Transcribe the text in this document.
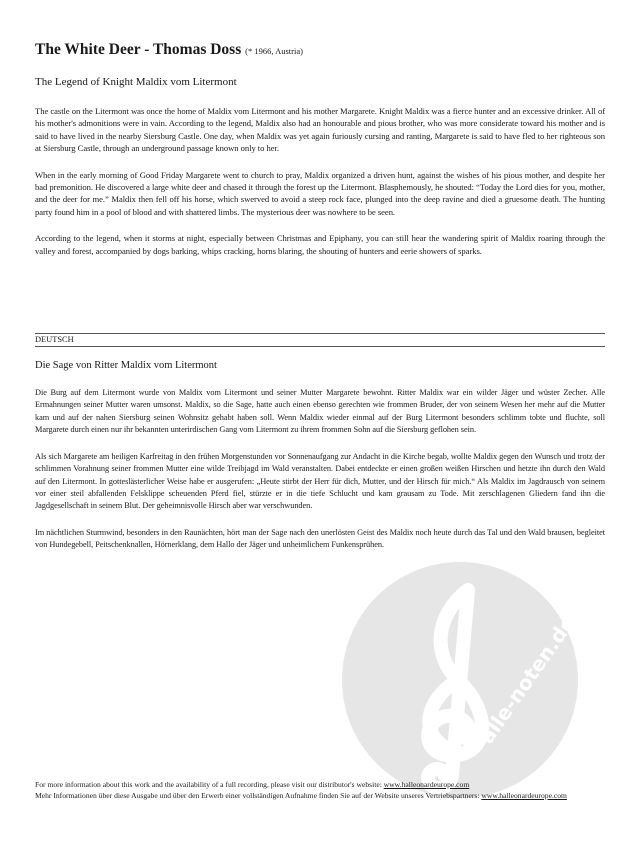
alle-noten.de
The White Deer - Thomas Doss (* 1966, Austria)
The Legend of Knight Maldix vom Litermont

The castle on the Litermont was once the home of Maldix vom Litermont and his mother Margarete. Knight Maldix was a fierce hunter and an excessive drinker. All of his mother's admonitions were in vain. According to the legend, Maldix also had an honourable and pious brother, who was more considerate toward his mother and is said to have lived in the nearby Siersburg Castle. One day, when Maldix was yet again furiously cursing and ranting, Margarete is said to have fled to her righteous son at Siersburg Castle, through an underground passage known only to her.

When in the early morning of Good Friday Margarete went to church to pray, Maldix organized a driven hunt, against the wishes of his pious mother, and despite her bad premonition. He discovered a large white deer and chased it through the forest up the Litermont. Blasphemously, he shouted: “Today the Lord dies for you, mother, and the deer for me.” Maldix then fell off his horse, which swerved to avoid a steep rock face, plunged into the deep ravine and died a gruesome death. The hunting party found him in a pool of blood and with shattered limbs. The mysterious deer was nowhere to be seen.

According to the legend, when it storms at night, especially between Christmas and Epiphany, you can still hear the wandering spirit of Maldix roaring through the valley and forest, accompanied by dogs barking, whips cracking, horns blaring, the shouting of hunters and eerie showers of sparks.

DEUTSCH
Die Sage von Ritter Maldix vom Litermont

Die Burg auf dem Litermont wurde von Maldix vom Litermont und seiner Mutter Margarete bewohnt. Ritter Maldix war ein wilder Jäger und wüster Zecher. Alle Ermahnungen seiner Mutter waren umsonst. Maldix, so die Sage, hatte auch einen ebenso gerechten wie frommen Bruder, der von seinem Wesen her mehr auf die Mutter kam und auf der nahen Siersburg seinen Wohnsitz gehabt haben soll. Wenn Maldix wieder einmal auf der Burg Litermont besonders schlimm tobte und fluchte, soll Margarete durch einen nur ihr bekannten unterirdischen Gang vom Litermont zu ihrem frommen Sohn auf die Siersburg geflohen sein.

Als sich Margarete am heiligen Karfreitag in den frühen Morgenstunden vor Sonnenaufgang zur Andacht in die Kirche begab, wollte Maldix gegen den Wunsch und trotz der schlimmen Vorahnung seiner frommen Mutter eine wilde Treibjagd im Wald veranstalten. Dabei entdeckte er einen großen weißen Hirschen und hetzte ihn durch den Wald auf den Litermont. In gotteslästerlicher Weise habe er ausgerufen: „Heute stirbt der Herr für dich, Mutter, und der Hirsch für mich.“ Als Maldix im Jagdrausch von seinem vor einer steil abfallenden Felsklippe scheuenden Pferd fiel, stürzte er in die tiefe Schlucht und kam grausam zu Tode. Mit zerschlagenen Gliedern fand ihn die Jagdgesellschaft in seinem Blut. Der geheimnisvolle Hirsch aber war verschwunden.

Im nächtlichen Sturmwind, besonders in den Raunächten, hört man der Sage nach den unerlösten Geist des Maldix noch heute durch das Tal und den Wald brausen, begleitet von Hundegebell, Peitschenknallen, Hörnerklang, dem Hallo der Jäger und unheimlichem Funkensprühen.

For more information about this work and the availability of a full recording, please visit our distributor's website: www.halleonardeurope.com

Mehr Informationen über diese Ausgabe und über den Erwerb einer vollständigen Aufnahme finden Sie auf der Website unseres Vertriebspartners: www.halleonardeurope.com
